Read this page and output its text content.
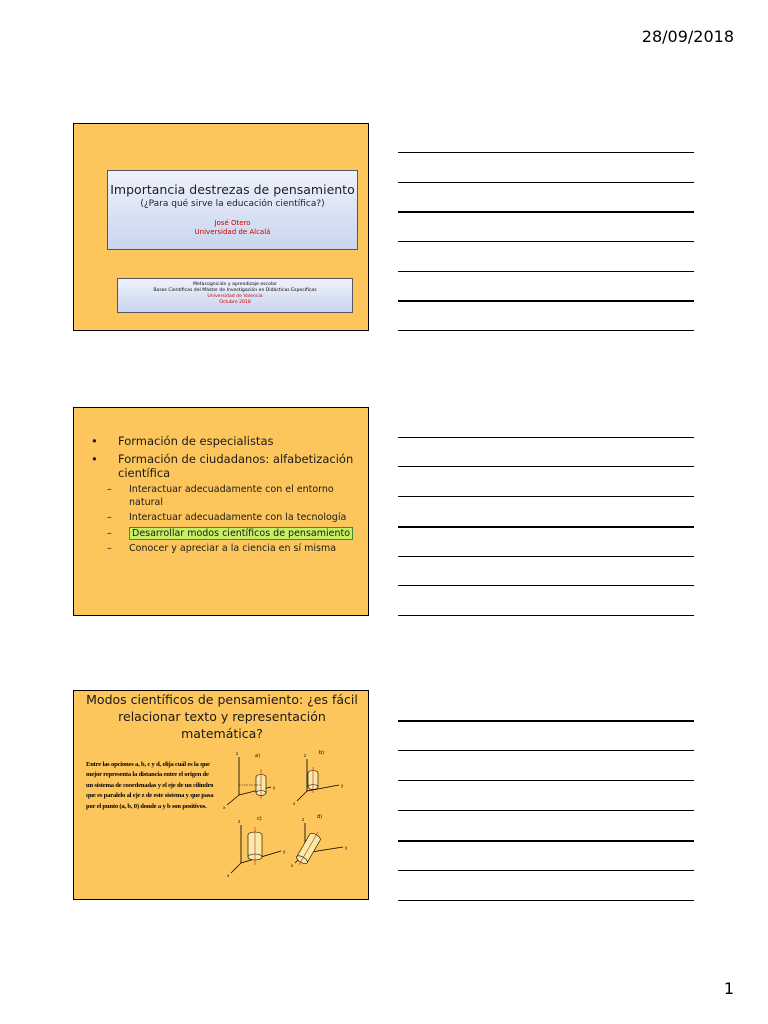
28/09/2018
Importancia destrezas de pensamiento
(¿Para qué sirve la educación científica?)
José Otero
Universidad de Alcalá
Metacognición y aprendizaje escolar
Bases Científicas del Máster de Investigación en Didácticas Específicas
Universidad de Valencia
Octubre 2018
• Formación de especialistas
• Formación de ciudadanos: alfabetización científica
– Interactuar adecuadamente con el entorno natural
– Interactuar adecuadamente con la tecnología
– Desarrollar modos científicos de pensamiento
– Conocer y apreciar a la ciencia en sí misma
Modos científicos de pensamiento: ¿es fácil relacionar texto y representación matemática?
Entre las opciones a, b, c y d, elija cuál es la que mejor representa la distancia entre el origen de un sistema de coordenadas y el eje de un cilindro que es paralelo al eje z de este sistema y que pasa por el punto (a, b, 0) donde a y b son positivos.
z
y
x
a)	z
y
x
b)
z
y
x
c)	z
y
x
d)
1
